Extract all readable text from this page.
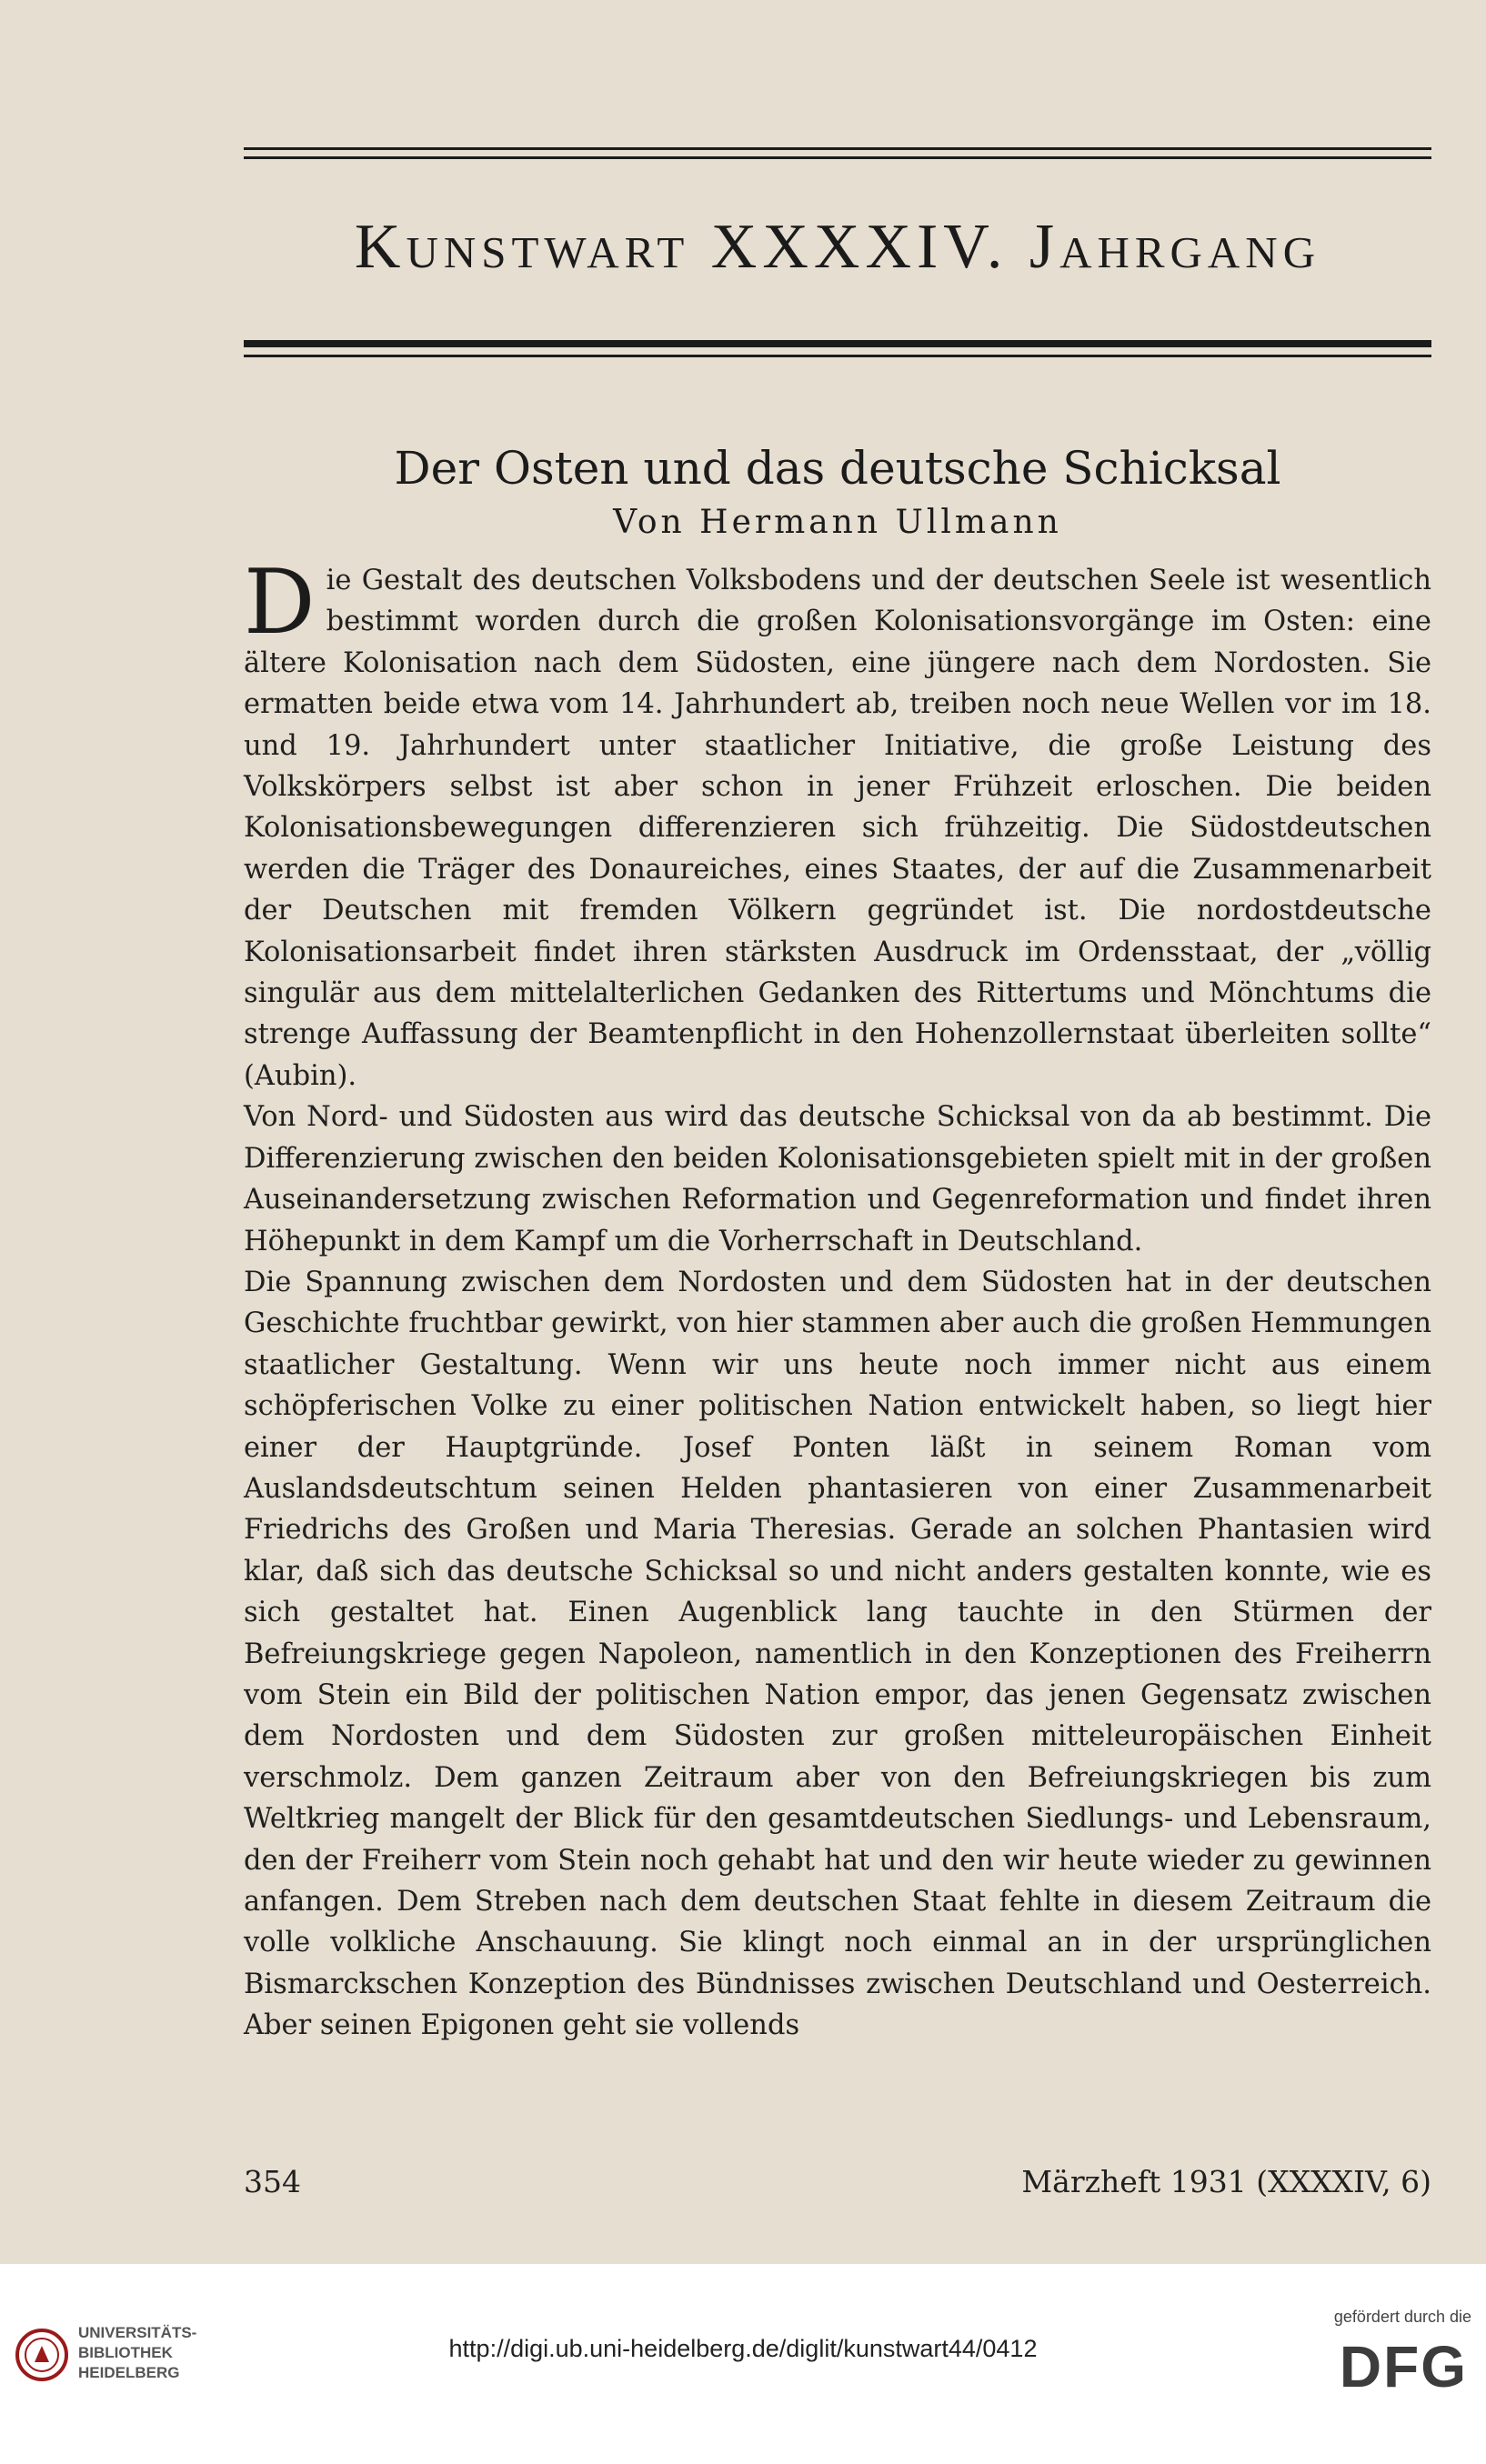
Kunstwart XXXXIV. Jahrgang
Der Osten und das deutsche Schicksal
Von Hermann Ullmann

Die Gestalt des deutschen Volksbodens und der deutschen Seele ist wesentlich bestimmt worden durch die großen Kolonisationsvorgänge im Osten: eine ältere Kolonisation nach dem Südosten, eine jüngere nach dem Nordosten. Sie ermatten beide etwa vom 14. Jahrhundert ab, treiben noch neue Wellen vor im 18. und 19. Jahrhundert unter staatlicher Initiative, die große Leistung des Volkskörpers selbst ist aber schon in jener Frühzeit erloschen. Die beiden Kolonisationsbewegungen differenzieren sich frühzeitig. Die Südostdeutschen werden die Träger des Donaureiches, eines Staates, der auf die Zusammenarbeit der Deutschen mit fremden Völkern gegründet ist. Die nordostdeutsche Kolonisationsarbeit findet ihren stärksten Ausdruck im Ordensstaat, der „völlig singulär aus dem mittelalterlichen Gedanken des Rittertums und Mönchtums die strenge Auffassung der Beamtenpflicht in den Hohenzollernstaat überleiten sollte“ (Aubin).

Von Nord- und Südosten aus wird das deutsche Schicksal von da ab bestimmt. Die Differenzierung zwischen den beiden Kolonisationsgebieten spielt mit in der großen Auseinandersetzung zwischen Reformation und Gegenreformation und findet ihren Höhepunkt in dem Kampf um die Vorherrschaft in Deutschland.

Die Spannung zwischen dem Nordosten und dem Südosten hat in der deutschen Geschichte fruchtbar gewirkt, von hier stammen aber auch die großen Hemmungen staatlicher Gestaltung. Wenn wir uns heute noch immer nicht aus einem schöpferischen Volke zu einer politischen Nation entwickelt haben, so liegt hier einer der Hauptgründe. Josef Ponten läßt in seinem Roman vom Auslandsdeutschtum seinen Helden phantasieren von einer Zusammenarbeit Friedrichs des Großen und Maria Theresias. Gerade an solchen Phantasien wird klar, daß sich das deutsche Schicksal so und nicht anders gestalten konnte, wie es sich gestaltet hat. Einen Augenblick lang tauchte in den Stürmen der Befreiungskriege gegen Napoleon, namentlich in den Konzeptionen des Freiherrn vom Stein ein Bild der politischen Nation empor, das jenen Gegensatz zwischen dem Nordosten und dem Südosten zur großen mitteleuropäischen Einheit verschmolz. Dem ganzen Zeitraum aber von den Befreiungskriegen bis zum Weltkrieg mangelt der Blick für den gesamtdeutschen Siedlungs- und Lebensraum, den der Freiherr vom Stein noch gehabt hat und den wir heute wieder zu gewinnen anfangen. Dem Streben nach dem deutschen Staat fehlte in diesem Zeitraum die volle volkliche Anschauung. Sie klingt noch einmal an in der ursprünglichen Bismarckschen Konzeption des Bündnisses zwischen Deutschland und Oesterreich. Aber seinen Epigonen geht sie vollends

354	Märzheft 1931 (XXXXIV, 6)
UNIVERSITÄTS-
BIBLIOTHEK
HEIDELBERG
http://digi.ub.uni-heidelberg.de/diglit/kunstwart44/0412
gefördert durch die
DFG
